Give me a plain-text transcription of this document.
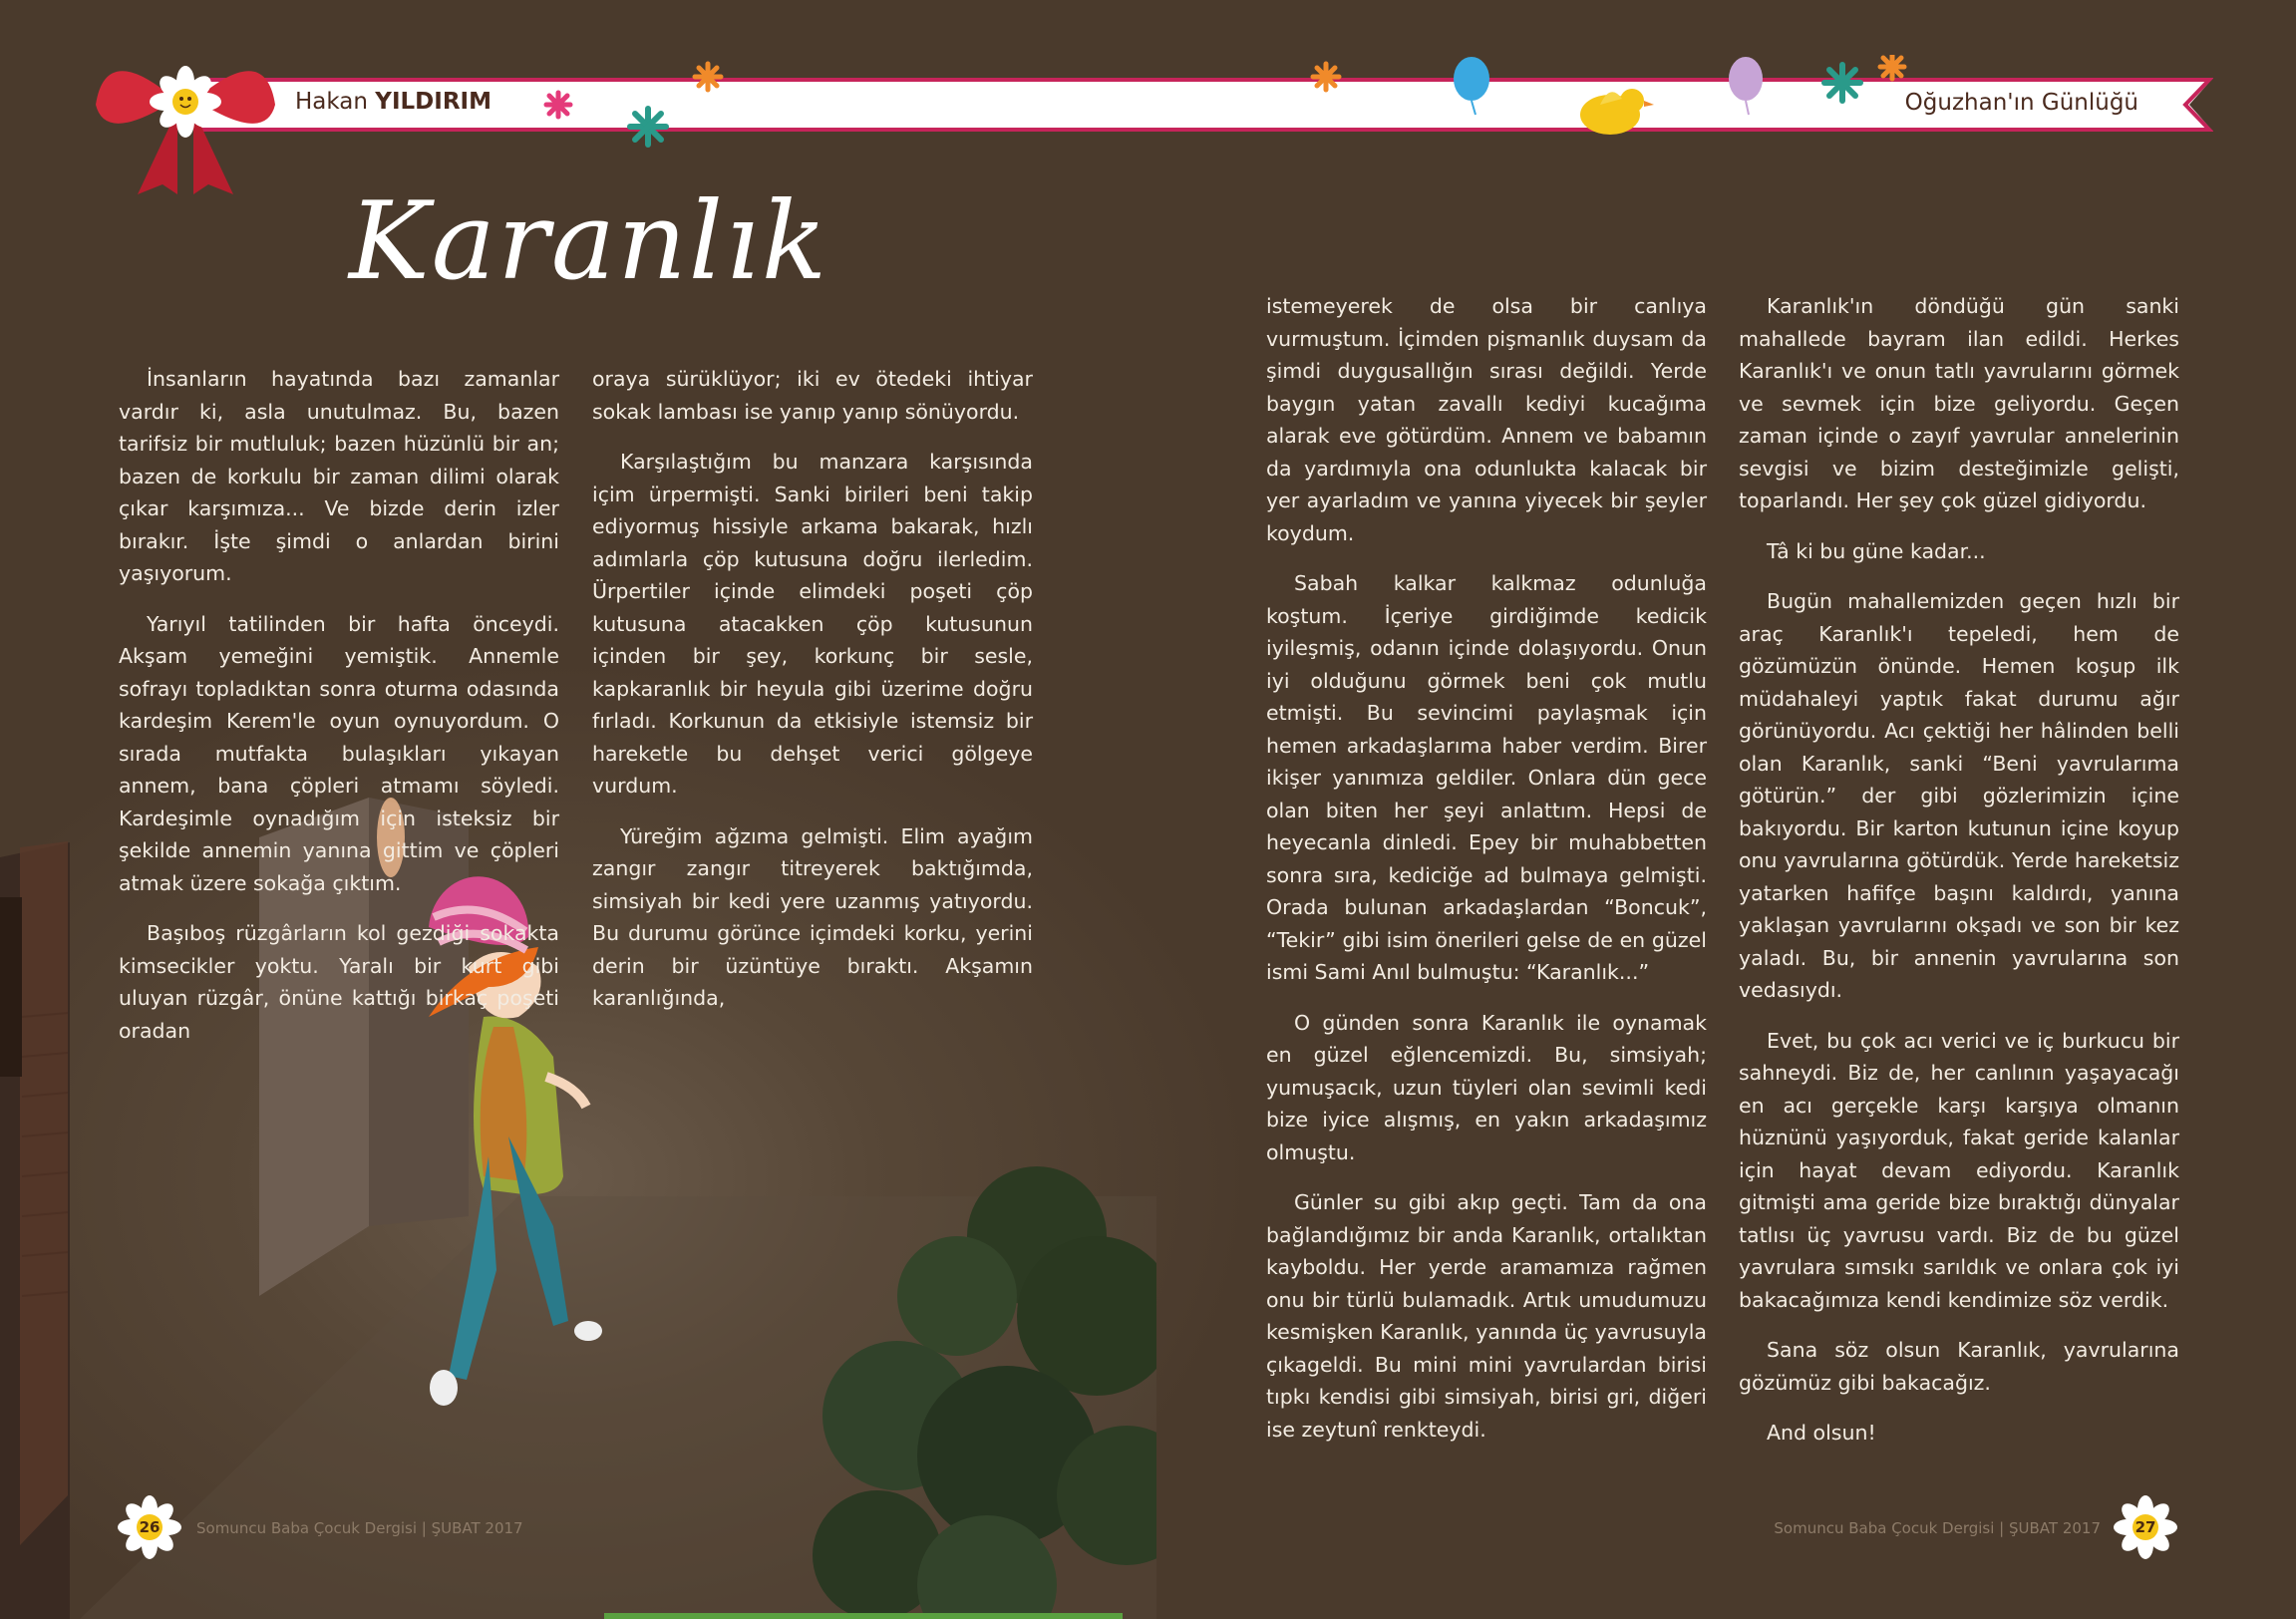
Hakan YILDIRIM	Oğuzhan'ın Günlüğü
Karanlık

İnsanların hayatında bazı zamanlar vardır ki, asla unutulmaz. Bu, bazen tarifsiz bir mutluluk; bazen hüzünlü bir an; bazen de korkulu bir zaman dilimi olarak çıkar karşımıza... Ve bizde derin izler bırakır. İşte şimdi o anlardan birini yaşıyorum.

Yarıyıl tatilinden bir hafta önceydi. Akşam yemeğini yemiştik. Annemle sofrayı topladıktan sonra oturma odasında kardeşim Kerem'le oyun oynuyordum. O sırada mutfakta bulaşıkları yıkayan annem, bana çöpleri atmamı söyledi. Kardeşimle oynadığım için isteksiz bir şekilde annemin yanına gittim ve çöpleri atmak üzere sokağa çıktım.

Başıboş rüzgârların kol gezdiği sokakta kimsecikler yoktu. Yaralı bir kurt gibi uluyan rüzgâr, önüne kattığı birkaç poşeti oradan

oraya sürüklüyor; iki ev ötedeki ihtiyar sokak lambası ise yanıp yanıp sönüyordu.

Karşılaştığım bu manzara karşısında içim ürpermişti. Sanki birileri beni takip ediyormuş hissiyle arkama bakarak, hızlı adımlarla çöp kutusuna doğru ilerledim. Ürpertiler içinde elimdeki poşeti çöp kutusuna atacakken çöp kutusunun içinden bir şey, korkunç bir sesle, kapkaranlık bir heyula gibi üzerime doğru fırladı. Korkunun da etkisiyle istemsiz bir hareketle bu dehşet verici gölgeye vurdum.

Yüreğim ağzıma gelmişti. Elim ayağım zangır zangır titreyerek baktığımda, simsiyah bir kedi yere uzanmış yatıyordu. Bu durumu görünce içimdeki korku, yerini derin bir üzüntüye bıraktı. Akşamın karanlığında,

istemeyerek de olsa bir canlıya vurmuştum. İçimden pişmanlık duysam da şimdi duygusallığın sırası değildi. Yerde baygın yatan zavallı kediyi kucağıma alarak eve götürdüm. Annem ve babamın da yardımıyla ona odunlukta kalacak bir yer ayarladım ve yanına yiyecek bir şeyler koydum.

Sabah kalkar kalkmaz odunluğa koştum. İçeriye girdiğimde kedicik iyileşmiş, odanın içinde dolaşıyordu. Onun iyi olduğunu görmek beni çok mutlu etmişti. Bu sevincimi paylaşmak için hemen arkadaşlarıma haber verdim. Birer ikişer yanımıza geldiler. Onlara dün gece olan biten her şeyi anlattım. Hepsi de heyecanla dinledi. Epey bir muhabbetten sonra sıra, kediciğe ad bulmaya gelmişti. Orada bulunan arkadaşlardan “Boncuk”, “Tekir” gibi isim önerileri gelse de en güzel ismi Sami Anıl bulmuştu: “Karanlık...”

O günden sonra Karanlık ile oynamak en güzel eğlencemizdi. Bu, simsiyah; yumuşacık, uzun tüyleri olan sevimli kedi bize iyice alışmış, en yakın arkadaşımız olmuştu.

Günler su gibi akıp geçti. Tam da ona bağlandığımız bir anda Karanlık, ortalıktan kayboldu. Her yerde aramamıza rağmen onu bir türlü bulamadık. Artık umudumuzu kesmişken Karanlık, yanında üç yavrusuyla çıkageldi. Bu mini mini yavrulardan birisi tıpkı kendisi gibi simsiyah, birisi gri, diğeri ise zeytunî renkteydi.

Karanlık'ın döndüğü gün sanki mahallede bayram ilan edildi. Herkes Karanlık'ı ve onun tatlı yavrularını görmek ve sevmek için bize geliyordu. Geçen zaman içinde o zayıf yavrular annelerinin sevgisi ve bizim desteğimizle gelişti, toparlandı. Her şey çok güzel gidiyordu.

Tâ ki bu güne kadar...

Bugün mahallemizden geçen hızlı bir araç Karanlık'ı tepeledi, hem de gözümüzün önünde. Hemen koşup ilk müdahaleyi yaptık fakat durumu ağır görünüyordu. Acı çektiği her hâlinden belli olan Karanlık, sanki “Beni yavrularıma götürün.” der gibi gözlerimizin içine bakıyordu. Bir karton kutunun içine koyup onu yavrularına götürdük. Yerde hareketsiz yatarken hafifçe başını kaldırdı, yanına yaklaşan yavrularını okşadı ve son bir kez yaladı. Bu, bir annenin yavrularına son vedasıydı.

Evet, bu çok acı verici ve iç burkucu bir sahneydi. Biz de, her canlının yaşayacağı en acı gerçekle karşı karşıya olmanın hüznünü yaşıyorduk, fakat geride kalanlar için hayat devam ediyordu. Karanlık gitmişti ama geride bize bıraktığı dünyalar tatlısı üç yavrusu vardı. Biz de bu güzel yavrulara sımsıkı sarıldık ve onlara çok iyi bakacağımıza kendi kendimize söz verdik.

Sana söz olsun Karanlık, yavrularına gözümüz gibi bakacağız.

And olsun!

26	Somuncu Baba Çocuk Dergisi | ŞUBAT 2017	Somuncu Baba Çocuk Dergisi | ŞUBAT 2017	27
